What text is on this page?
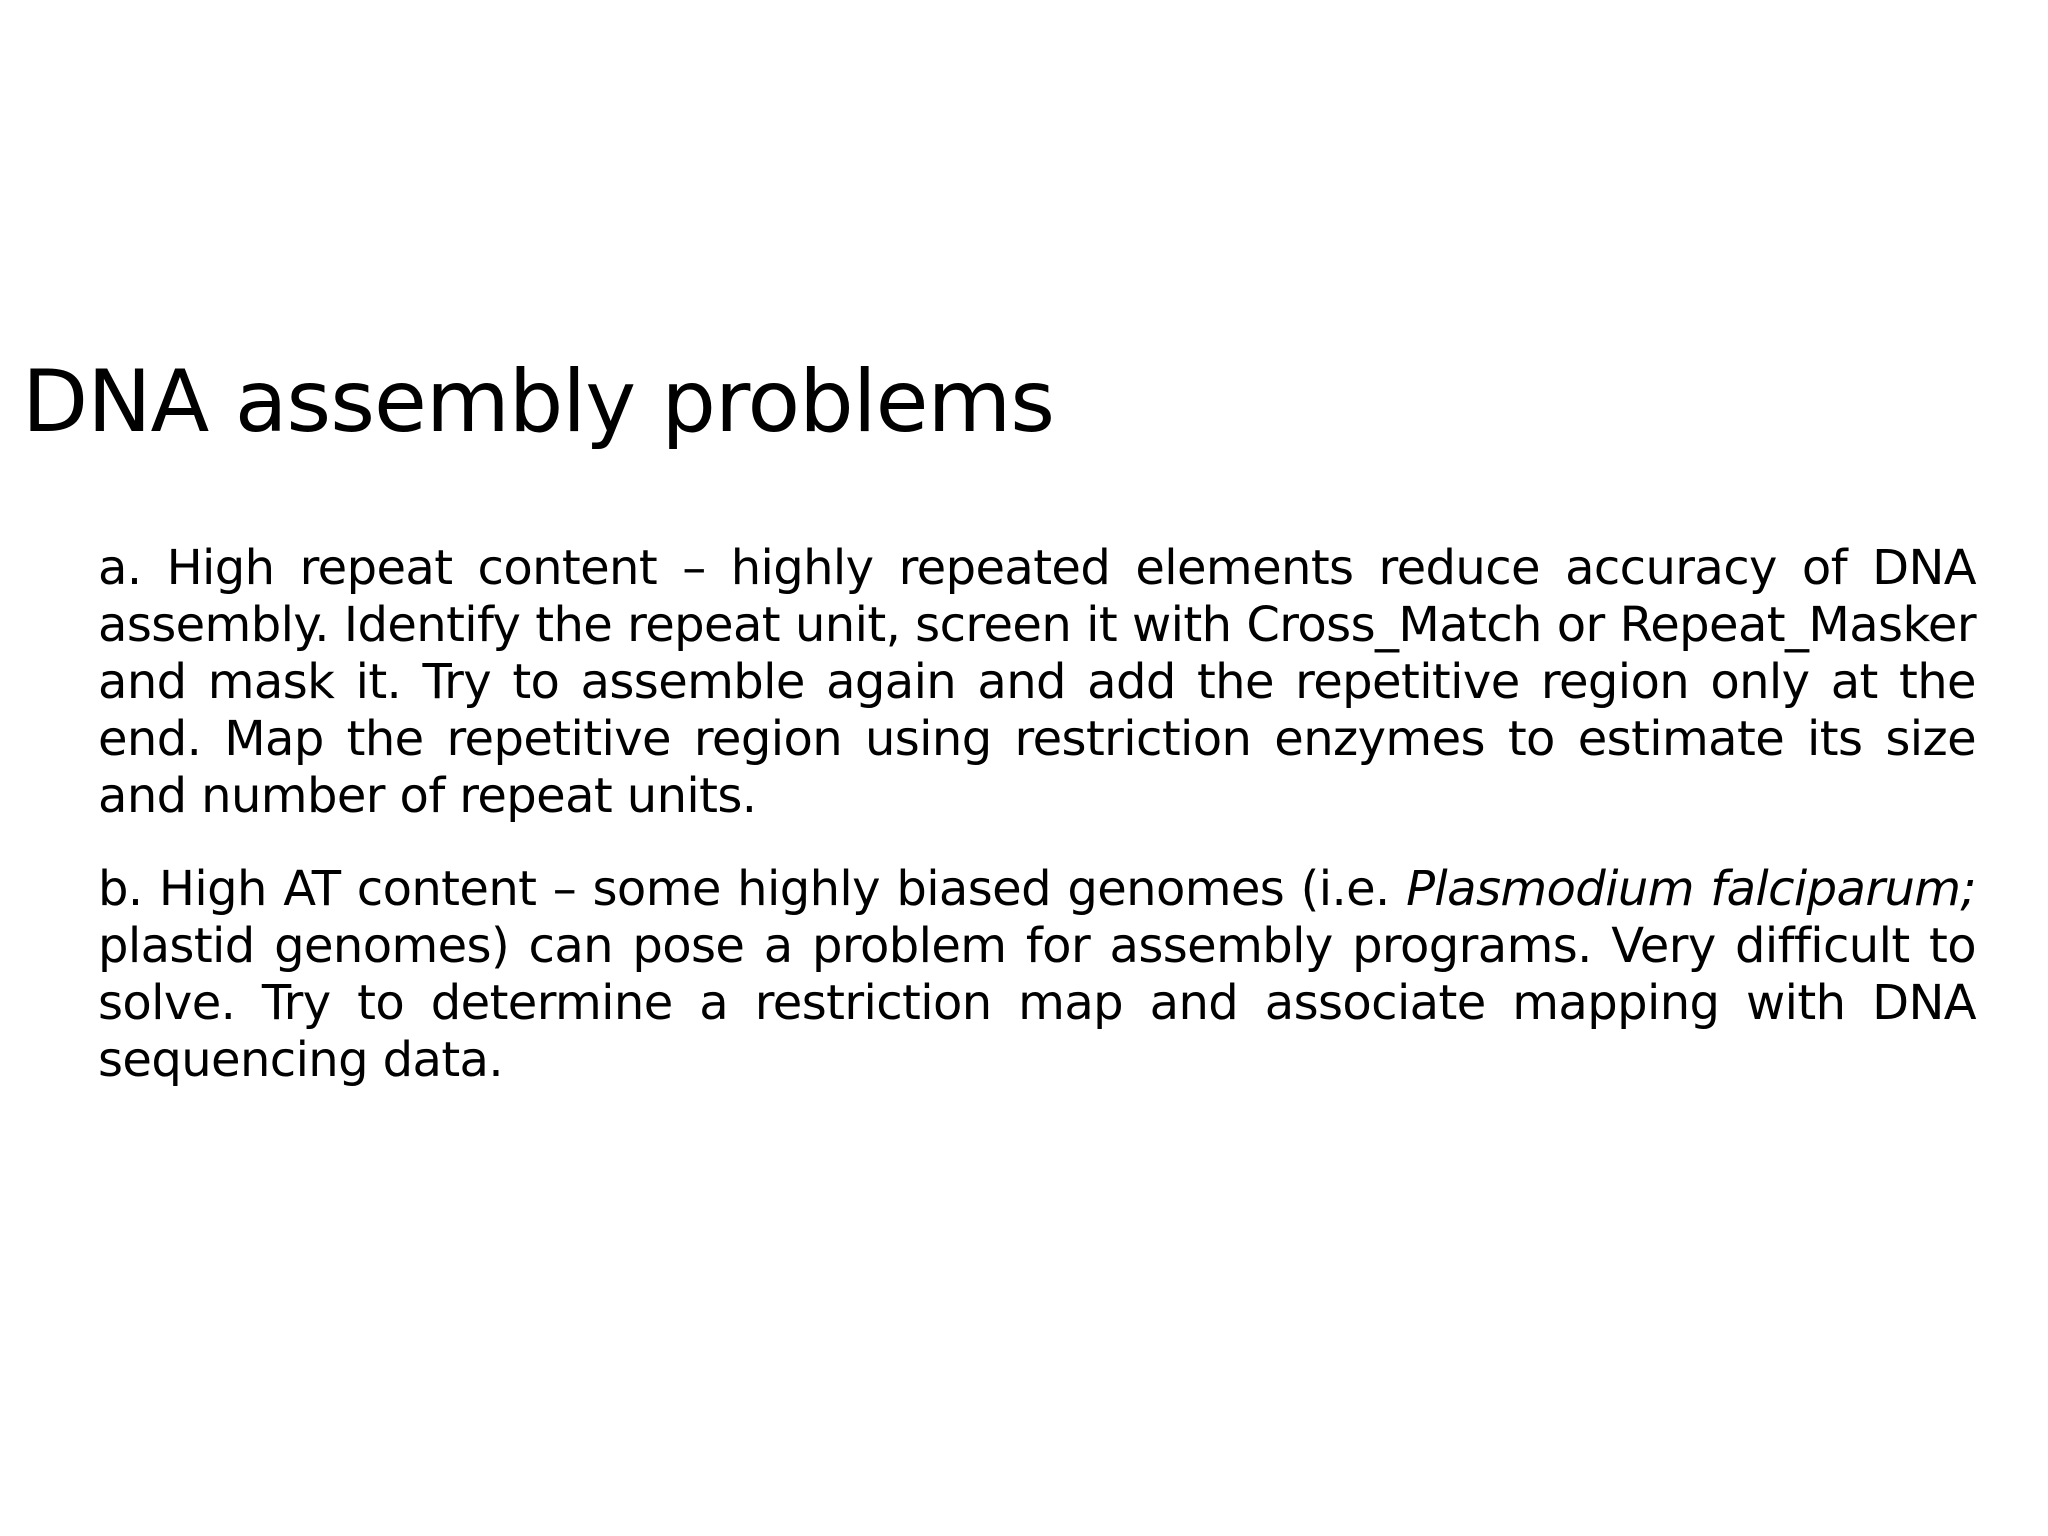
DNA assembly problems

a. High repeat content – highly repeated elements reduce accuracy of DNA assembly. Identify the repeat unit, screen it with Cross_Match or Repeat_Masker and mask it. Try to assemble again and add the repetitive region only at the end. Map the repetitive region using restriction enzymes to estimate its size and number of repeat units.

b. High AT content – some highly biased genomes (i.e. Plasmodium falciparum; plastid genomes) can pose a problem for assembly programs. Very difficult to solve. Try to determine a restriction map and associate mapping with DNA sequencing data.
